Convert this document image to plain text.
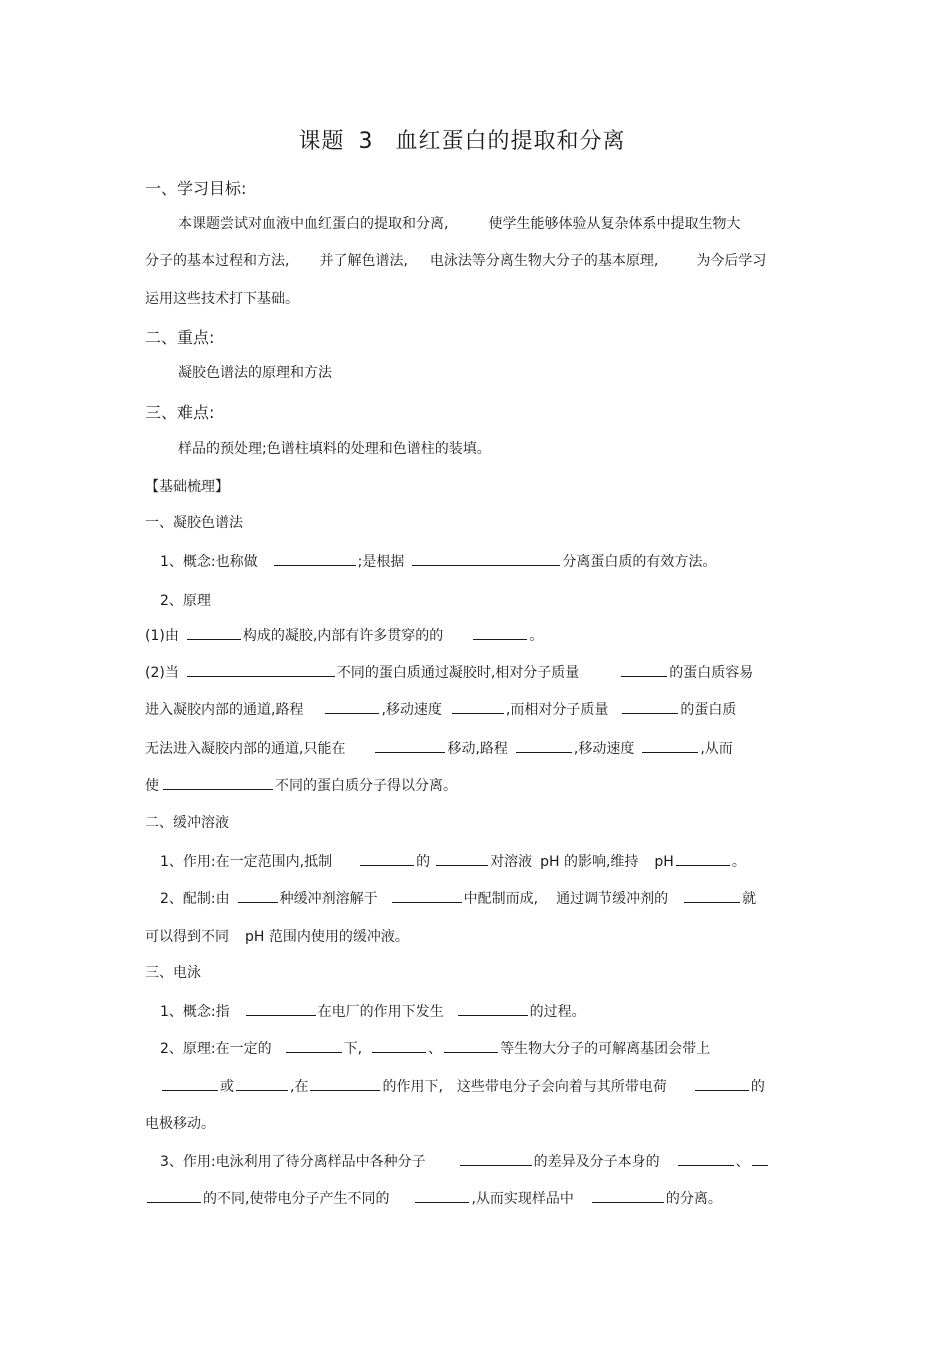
课题 3 血红蛋白的提取和分离
一、学习目标:
本课题尝试对血液中血红蛋白的提取和分离,	使学生能够体验从复杂体系中提取生物大
分子的基本过程和方法, 并了解色谱法, 电泳法等分离生物大分子的基本原理,	为今后学习
运用这些技术打下基础。
二、重点:
凝胶色谱法的原理和方法
三、难点:
样品的预处理;色谱柱填料的处理和色谱柱的装填。
【基础梳理】
一、凝胶色谱法
1、概念:也称做	;是根据	分离蛋白质的有效方法。
2、原理
(1)由	构成的凝胶,内部有许多贯穿的的	。
(2)当	不同的蛋白质通过凝胶时,相对分子质量	的蛋白质容易
进入凝胶内部的通道,路程	,移动速度	,而相对分子质量	的蛋白质
无法进入凝胶内部的通道,只能在	移动,路程	,移动速度	,从而
使	不同的蛋白质分子得以分离。
二、缓冲溶液
1、作用:在一定范围内,抵制	的	对溶液 pH 的影响,维持 pH	。
2、配制:由	种缓冲剂溶解于	中配制而成, 通过调节缓冲剂的	就
可以得到不同 pH 范围内使用的缓冲液。
三、电泳
1、概念:指	在电厂的作用下发生	的过程。
2、原理:在一定的	下,	、	等生物大分子的可解离基团会带上
或	,在	的作用下, 这些带电分子会向着与其所带电荷	的
电极移动。
3、作用:电泳利用了待分离样品中各种分子	的差异及分子本身的	、
的不同,使带电分子产生不同的	,从而实现样品中	的分离。
